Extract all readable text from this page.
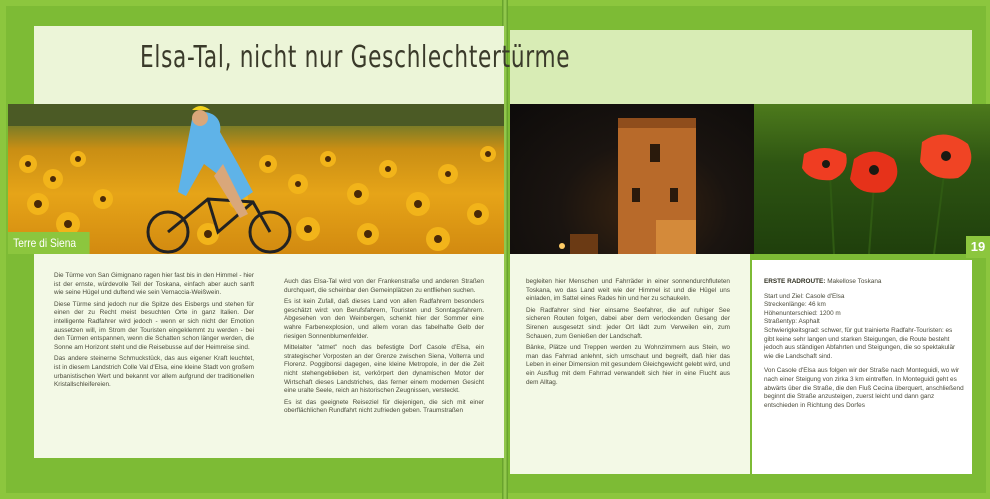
Elsa-Tal, nicht nur Geschlechtertürme
Terre di Siena	19

Die Türme von San Gimignano ragen hier fast bis in den Himmel - hier ist der ernste, würdevolle Teil der Toskana, einfach aber auch sanft wie seine Hügel und duftend wie sein Vernaccia-Weißwein.

Diese Türme sind jedoch nur die Spitze des Eisbergs und stehen für einen der zu Recht meist besuchten Orte in ganz Italien. Der intelligente Radfahrer wird jedoch - wenn er sich nicht der Emotion aussetzen will, im Strom der Touristen eingeklemmt zu werden - bei den Türmen entspannen, wenn die Schatten schon länger werden, die Sonne am Horizont steht und die Reisebusse auf der Heimreise sind.

Das andere steinerne Schmuckstück, das aus eigener Kraft leuchtet, ist in diesem Landstrich Colle Val d'Elsa, eine kleine Stadt von großem urbanistischen Wert und bekannt vor allem aufgrund der traditionellen Kristallschleifereien.

Auch das Elsa-Tal wird von der Frankenstraße und anderen Straßen durchquert, die scheinbar den Gemeinplätzen zu entfliehen suchen.

Es ist kein Zufall, daß dieses Land von allen Radfahrern besonders geschätzt wird: von Berufsfahrern, Touristen und Sonntagsfahrern. Abgesehen von den Weinbergen, schenkt hier der Sommer eine wahre Farbenexplosion, und allem voran das fabelhafte Gelb der riesigen Sonnenblumenfelder.

Mittelalter "atmet" noch das befestigte Dorf Casole d'Elsa, ein strategischer Vorposten an der Grenze zwischen Siena, Volterra und Florenz. Poggibonsi dagegen, eine kleine Metropole, in der die Zeit nicht stehengeblieben ist, verkörpert den dynamischen Motor der Wirtschaft dieses Landstriches, das ferner einem modernen Gesicht eine uralte Seele, reich an historischen Zeugnissen, versteckt.

Es ist das geeignete Reiseziel für diejenigen, die sich mit einer oberflächlichen Rundfahrt nicht zufrieden geben. Traumstraßen

begleiten hier Menschen und Fahrräder in einer sonnendurchfluteten Toskana, wo das Land weit wie der Himmel ist und die Hügel uns einladen, im Sattel eines Rades hin und her zu schaukeln.

Die Radfahrer sind hier einsame Seefahrer, die auf ruhiger See sicheren Routen folgen, dabei aber dem verlockenden Gesang der Sirenen ausgesetzt sind: jeder Ort lädt zum Verweilen ein, zum Schauen, zum Genießen der Landschaft.

Bänke, Plätze und Treppen werden zu Wohnzimmern aus Stein, wo man das Fahrrad anlehnt, sich umschaut und begreift, daß hier das Leben in einer Dimension mit gesundem Gleichgewicht gelebt wird, und ein Ausflug mit dem Fahrrad verwandelt sich hier in eine Flucht aus dem Alltag.

ERSTE RADROUTE: Makellose Toskana

Start und Ziel: Casole d'Elsa
Streckenlänge: 46 km
Höhenunterschied: 1200 m
Straßentyp: Asphalt
Schwierigkeitsgrad: schwer, für gut trainierte Radfahr-Touristen: es gibt keine sehr langen und starken Steigungen, die Route besteht jedoch aus ständigen Abfahrten und Steigungen, die so spektakulär wie die Landschaft sind.

Von Casole d'Elsa aus folgen wir der Straße nach Monteguidi, wo wir nach einer Steigung von zirka 3 km eintreffen. In Monteguidi geht es abwärts über die Straße, die den Fluß Cecina überquert, anschließend beginnt die Straße anzusteigen, zuerst leicht und dann ganz entschieden in Richtung des Dorfes
